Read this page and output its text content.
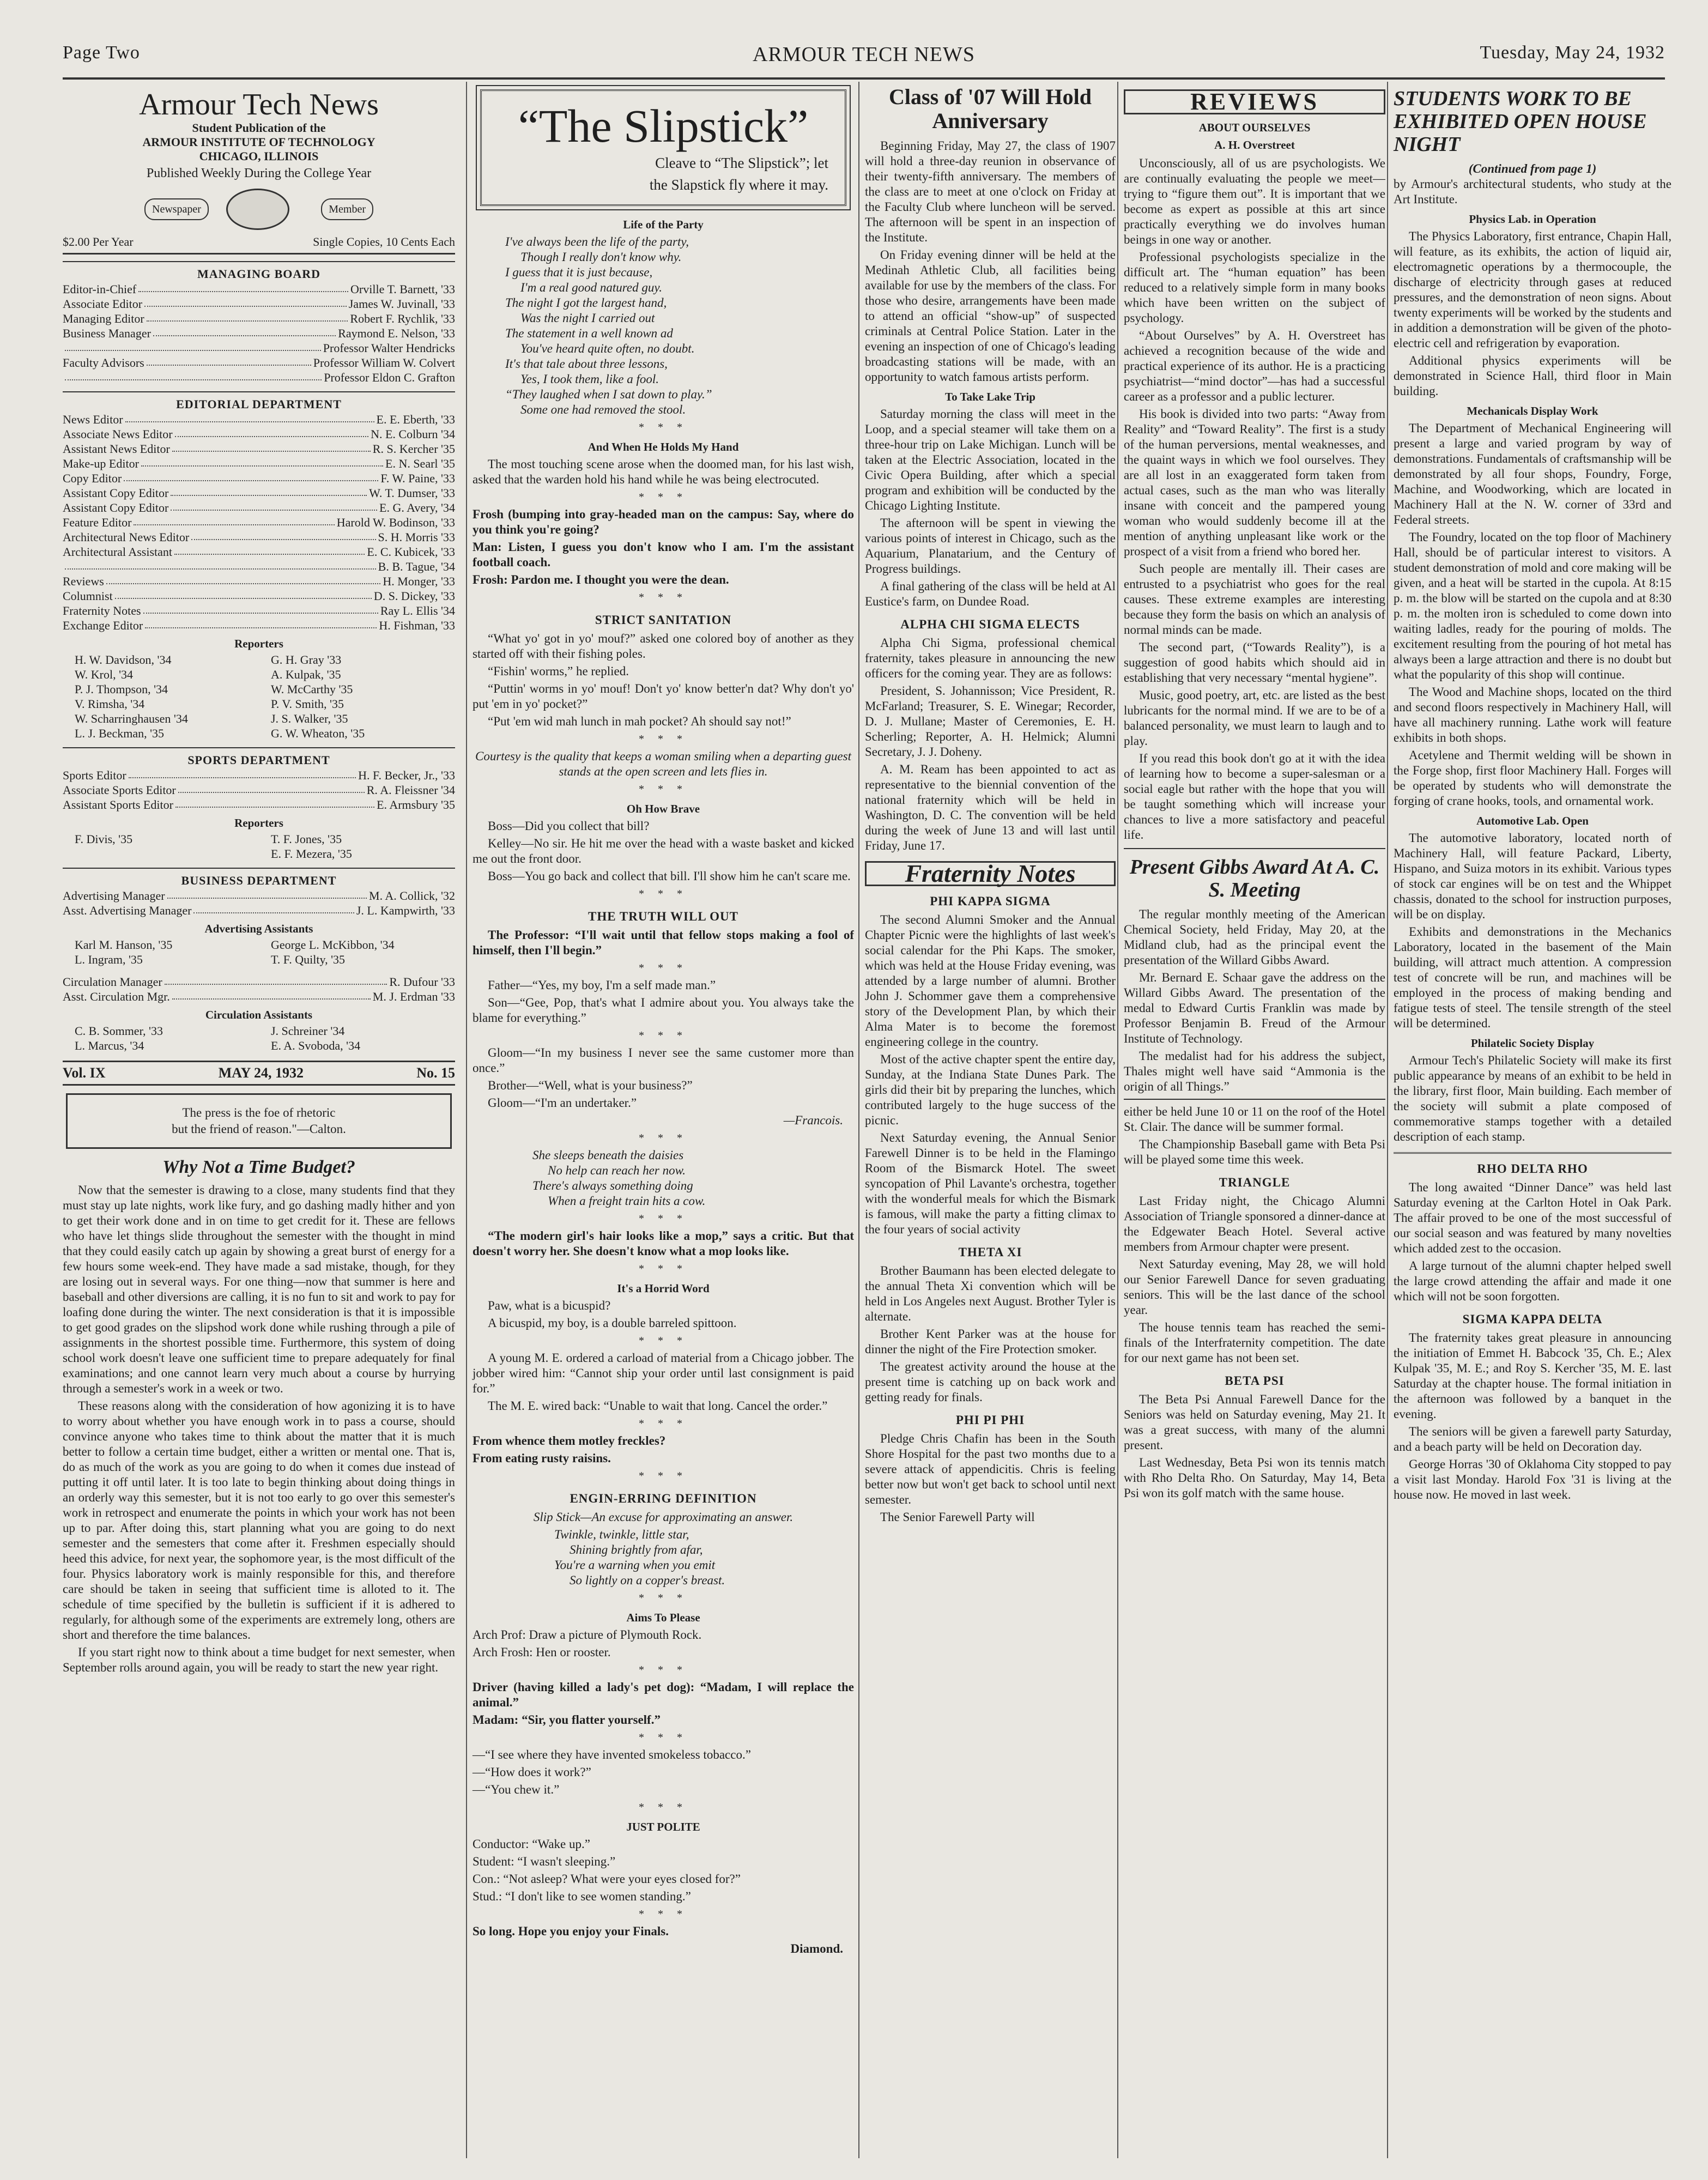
Page Two	ARMOUR TECH NEWS	Tuesday, May 24, 1932
Armour Tech News
Student Publication of the
ARMOUR INSTITUTE OF TECHNOLOGY
CHICAGO, ILLINOIS
Published Weekly During the College Year
Newspaper	Member
$2.00 Per Year	Single Copies, 10 Cents Each
MANAGING BOARD
Editor-in-Chief	Orville T. Barnett, '33
Associate Editor	James W. Juvinall, '33
Managing Editor	Robert F. Rychlik, '33
Business Manager	Raymond E. Nelson, '33
Professor Walter Hendricks
Faculty Advisors	Professor William W. Colvert
Professor Eldon C. Grafton
EDITORIAL DEPARTMENT
News Editor	E. E. Eberth, '33
Associate News Editor	N. E. Colburn '34
Assistant News Editor	R. S. Kercher '35
Make-up Editor	E. N. Searl '35
Copy Editor	F. W. Paine, '33
Assistant Copy Editor	W. T. Dumser, '33
Assistant Copy Editor	E. G. Avery, '34
Feature Editor	Harold W. Bodinson, '33
Architectural News Editor	S. H. Morris '33
Architectural Assistant	E. C. Kubicek, '33
B. B. Tague, '34
Reviews	H. Monger, '33
Columnist	D. S. Dickey, '33
Fraternity Notes	Ray L. Ellis '34
Exchange Editor	H. Fishman, '33
Reporters
H. W. Davidson, '34	G. H. Gray '33
W. Krol, '34	A. Kulpak, '35
P. J. Thompson, '34	W. McCarthy '35
V. Rimsha, '34	P. V. Smith, '35
W. Scharringhausen '34	J. S. Walker, '35
L. J. Beckman, '35	G. W. Wheaton, '35
SPORTS DEPARTMENT
Sports Editor	H. F. Becker, Jr., '33
Associate Sports Editor	R. A. Fleissner '34
Assistant Sports Editor	E. Armsbury '35
Reporters
F. Divis, '35	T. F. Jones, '35
E. F. Mezera, '35
BUSINESS DEPARTMENT
Advertising Manager	M. A. Collick, '32
Asst. Advertising Manager	J. L. Kampwirth, '33
Advertising Assistants
Karl M. Hanson, '35	George L. McKibbon, '34
L. Ingram, '35	T. F. Quilty, '35
Circulation Manager	R. Dufour '33
Asst. Circulation Mgr.	M. J. Erdman '33
Circulation Assistants
C. B. Sommer, '33	J. Schreiner '34
L. Marcus, '34	E. A. Svoboda, '34
Vol. IX	MAY 24, 1932	No. 15
The press is the foe of rhetoric
but the friend of reason."—Calton.
Why Not a Time Budget?

Now that the semester is drawing to a close, many students find that they must stay up late nights, work like fury, and go dashing madly hither and yon to get their work done and in on time to get credit for it. These are fellows who have let things slide throughout the semester with the thought in mind that they could easily catch up again by showing a great burst of energy for a few hours some week-end. They have made a sad mistake, though, for they are losing out in several ways. For one thing—now that summer is here and baseball and other diversions are calling, it is no fun to sit and work to pay for loafing done during the winter. The next consideration is that it is impossible to get good grades on the slipshod work done while rushing through a pile of assignments in the shortest possible time. Furthermore, this system of doing school work doesn't leave one sufficient time to prepare adequately for final examinations; and one cannot learn very much about a course by hurrying through a semester's work in a week or two.

These reasons along with the consideration of how agonizing it is to have to worry about whether you have enough work in to pass a course, should convince anyone who takes time to think about the matter that it is much better to follow a certain time budget, either a written or mental one. That is, do as much of the work as you are going to do when it comes due instead of putting it off until later. It is too late to begin thinking about doing things in an orderly way this semester, but it is not too early to go over this semester's work in retrospect and enumerate the points in which your work has not been up to par. After doing this, start planning what you are going to do next semester and the semesters that come after it. Freshmen especially should heed this advice, for next year, the sophomore year, is the most difficult of the four. Physics laboratory work is mainly responsible for this, and therefore care should be taken in seeing that sufficient time is alloted to it. The schedule of time specified by the bulletin is sufficient if it is adhered to regularly, for although some of the experiments are extremely long, others are short and therefore the time balances.

If you start right now to think about a time budget for next semester, when September rolls around again, you will be ready to start the new year right.

“The Slipstick”
Cleave to “The Slipstick”; let
the Slapstick fly where it may.
Life of the Party
I've always been the life of the party,
Though I really don't know why.
I guess that it is just because,
I'm a real good natured guy.
The night I got the largest hand,
Was the night I carried out
The statement in a well known ad
You've heard quite often, no doubt.
It's that tale about three lessons,
Yes, I took them, like a fool.
“They laughed when I sat down to play.”
Some one had removed the stool.
* * *
And When He Holds My Hand

The most touching scene arose when the doomed man, for his last wish, asked that the warden hold his hand while he was being electrocuted.

* * *

Frosh (bumping into gray-headed man on the campus: Say, where do you think you're going?

Man: Listen, I guess you don't know who I am. I'm the assistant football coach.

Frosh: Pardon me. I thought you were the dean.

* * *
STRICT SANITATION

“What yo' got in yo' mouf?” asked one colored boy of another as they started off with their fishing poles.

“Fishin' worms,” he replied.

“Puttin' worms in yo' mouf! Don't yo' know better'n dat? Why don't yo' put 'em in yo' pocket?”

“Put 'em wid mah lunch in mah pocket? Ah should say not!”

* * *

Courtesy is the quality that keeps a woman smiling when a departing guest stands at the open screen and lets flies in.

* * *
Oh How Brave

Boss—Did you collect that bill?

Kelley—No sir. He hit me over the head with a waste basket and kicked me out the front door.

Boss—You go back and collect that bill. I'll show him he can't scare me.

* * *
THE TRUTH WILL OUT

The Professor: “I'll wait until that fellow stops making a fool of himself, then I'll begin.”

* * *

Father—“Yes, my boy, I'm a self made man.”

Son—“Gee, Pop, that's what I admire about you. You always take the blame for everything.”

* * *

Gloom—“In my business I never see the same customer more than once.”

Brother—“Well, what is your business?”

Gloom—“I'm an undertaker.”

—Francois.
* * *
She sleeps beneath the daisies
No help can reach her now.
There's always something doing
When a freight train hits a cow.
* * *

“The modern girl's hair looks like a mop,” says a critic. But that doesn't worry her. She doesn't know what a mop looks like.

* * *
It's a Horrid Word

Paw, what is a bicuspid?

A bicuspid, my boy, is a double barreled spittoon.

* * *

A young M. E. ordered a carload of material from a Chicago jobber. The jobber wired him: “Cannot ship your order until last consignment is paid for.”

The M. E. wired back: “Unable to wait that long. Cancel the order.”

* * *

From whence them motley freckles?

From eating rusty raisins.

* * *
ENGIN-ERRING DEFINITION

Slip Stick—An excuse for approximating an answer.

Twinkle, twinkle, little star,
Shining brightly from afar,
You're a warning when you emit
So lightly on a copper's breast.
* * *
Aims To Please

Arch Prof: Draw a picture of Plymouth Rock.

Arch Frosh: Hen or rooster.

* * *

Driver (having killed a lady's pet dog): “Madam, I will replace the animal.”

Madam: “Sir, you flatter yourself.”

* * *

—“I see where they have invented smokeless tobacco.”

—“How does it work?”

—“You chew it.”

* * *
JUST POLITE

Conductor: “Wake up.”

Student: “I wasn't sleeping.”

Con.: “Not asleep? What were your eyes closed for?”

Stud.: “I don't like to see women standing.”

* * *

So long. Hope you enjoy your Finals.

Diamond.
Class of '07 Will Hold Anniversary

Beginning Friday, May 27, the class of 1907 will hold a three-day reunion in observance of their twenty-fifth anniversary. The members of the class are to meet at one o'clock on Friday at the Faculty Club where luncheon will be served. The afternoon will be spent in an inspection of the Institute.

On Friday evening dinner will be held at the Medinah Athletic Club, all facilities being available for use by the members of the class. For those who desire, arrangements have been made to attend an official “show-up” of suspected criminals at Central Police Station. Later in the evening an inspection of one of Chicago's leading broadcasting stations will be made, with an opportunity to watch famous artists perform.

To Take Lake Trip

Saturday morning the class will meet in the Loop, and a special steamer will take them on a three-hour trip on Lake Michigan. Lunch will be taken at the Electric Association, located in the Civic Opera Building, after which a special program and exhibition will be conducted by the Chicago Lighting Institute.

The afternoon will be spent in viewing the various points of interest in Chicago, such as the Aquarium, Planatarium, and the Century of Progress buildings.

A final gathering of the class will be held at Al Eustice's farm, on Dundee Road.

ALPHA CHI SIGMA ELECTS

Alpha Chi Sigma, professional chemical fraternity, takes pleasure in announcing the new officers for the coming year. They are as follows:

President, S. Johannisson; Vice President, R. McFarland; Treasurer, S. E. Winegar; Recorder, D. J. Mullane; Master of Ceremonies, E. H. Scherling; Reporter, A. H. Helmick; Alumni Secretary, J. J. Doheny.

A. M. Ream has been appointed to act as representative to the biennial convention of the national fraternity which will be held in Washington, D. C. The convention will be held during the week of June 13 and will last until Friday, June 17.

Fraternity Notes
PHI KAPPA SIGMA

The second Alumni Smoker and the Annual Chapter Picnic were the highlights of last week's social calendar for the Phi Kaps. The smoker, which was held at the House Friday evening, was attended by a large number of alumni. Brother John J. Schommer gave them a comprehensive story of the Development Plan, by which their Alma Mater is to become the foremost engineering college in the country.

Most of the active chapter spent the entire day, Sunday, at the Indiana State Dunes Park. The girls did their bit by preparing the lunches, which contributed largely to the huge success of the picnic.

Next Saturday evening, the Annual Senior Farewell Dinner is to be held in the Flamingo Room of the Bismarck Hotel. The sweet syncopation of Phil Lavante's orchestra, together with the wonderful meals for which the Bismark is famous, will make the party a fitting climax to the four years of social activity

THETA XI

Brother Baumann has been elected delegate to the annual Theta Xi convention which will be held in Los Angeles next August. Brother Tyler is alternate.

Brother Kent Parker was at the house for dinner the night of the Fire Protection smoker.

The greatest activity around the house at the present time is catching up on back work and getting ready for finals.

PHI PI PHI

Pledge Chris Chafin has been in the South Shore Hospital for the past two months due to a severe attack of appendicitis. Chris is feeling better now but won't get back to school until next semester.

The Senior Farewell Party will

REVIEWS
ABOUT OURSELVES
A. H. Overstreet

Unconsciously, all of us are psychologists. We are continually evaluating the people we meet—trying to “figure them out”. It is important that we become as expert as possible at this art since practically everything we do involves human beings in one way or another.

Professional psychologists specialize in the difficult art. The “human equation” has been reduced to a relatively simple form in many books which have been written on the subject of psychology.

“About Ourselves” by A. H. Overstreet has achieved a recognition because of the wide and practical experience of its author. He is a practicing psychiatrist—“mind doctor”—has had a successful career as a professor and a public lecturer.

His book is divided into two parts: “Away from Reality” and “Toward Reality”. The first is a study of the human perversions, mental weaknesses, and the quaint ways in which we fool ourselves. They are all lost in an exaggerated form taken from actual cases, such as the man who was literally insane with conceit and the pampered young woman who would suddenly become ill at the mention of anything unpleasant like work or the prospect of a visit from a friend who bored her.

Such people are mentally ill. Their cases are entrusted to a psychiatrist who goes for the real causes. These extreme examples are interesting because they form the basis on which an analysis of normal minds can be made.

The second part, (“Towards Reality”), is a suggestion of good habits which should aid in establishing that very necessary “mental hygiene”.

Music, good poetry, art, etc. are listed as the best lubricants for the normal mind. If we are to be of a balanced personality, we must learn to laugh and to play.

If you read this book don't go at it with the idea of learning how to become a super-salesman or a social eagle but rather with the hope that you will be taught something which will increase your chances to live a more satisfactory and peaceful life.

Present Gibbs Award At A. C. S. Meeting

The regular monthly meeting of the American Chemical Society, held Friday, May 20, at the Midland club, had as the principal event the presentation of the Willard Gibbs Award.

Mr. Bernard E. Schaar gave the address on the Willard Gibbs Award. The presentation of the medal to Edward Curtis Franklin was made by Professor Benjamin B. Freud of the Armour Institute of Technology.

The medalist had for his address the subject, Thales might well have said “Ammonia is the origin of all Things.”

either be held June 10 or 11 on the roof of the Hotel St. Clair. The dance will be summer formal.

The Championship Baseball game with Beta Psi will be played some time this week.

TRIANGLE

Last Friday night, the Chicago Alumni Association of Triangle sponsored a dinner-dance at the Edgewater Beach Hotel. Several active members from Armour chapter were present.

Next Saturday evening, May 28, we will hold our Senior Farewell Dance for seven graduating seniors. This will be the last dance of the school year.

The house tennis team has reached the semi-finals of the Interfraternity competition. The date for our next game has not been set.

BETA PSI

The Beta Psi Annual Farewell Dance for the Seniors was held on Saturday evening, May 21. It was a great success, with many of the alumni present.

Last Wednesday, Beta Psi won its tennis match with Rho Delta Rho. On Saturday, May 14, Beta Psi won its golf match with the same house.

STUDENTS WORK TO BE EXHIBITED OPEN HOUSE NIGHT
(Continued from page 1)

by Armour's architectural students, who study at the Art Institute.

Physics Lab. in Operation

The Physics Laboratory, first entrance, Chapin Hall, will feature, as its exhibits, the action of liquid air, electromagnetic operations by a thermocouple, the discharge of electricity through gases at reduced pressures, and the demonstration of neon signs. About twenty experiments will be worked by the students and in addition a demonstration will be given of the photo-electric cell and refrigeration by evaporation.

Additional physics experiments will be demonstrated in Science Hall, third floor in Main building.

Mechanicals Display Work

The Department of Mechanical Engineering will present a large and varied program by way of demonstrations. Fundamentals of craftsmanship will be demonstrated by all four shops, Foundry, Forge, Machine, and Woodworking, which are located in Machinery Hall at the N. W. corner of 33rd and Federal streets.

The Foundry, located on the top floor of Machinery Hall, should be of particular interest to visitors. A student demonstration of mold and core making will be given, and a heat will be started in the cupola. At 8:15 p. m. the blow will be started on the cupola and at 8:30 p. m. the molten iron is scheduled to come down into waiting ladles, ready for the pouring of molds. The excitement resulting from the pouring of hot metal has always been a large attraction and there is no doubt but what the popularity of this shop will continue.

The Wood and Machine shops, located on the third and second floors respectively in Machinery Hall, will have all machinery running. Lathe work will feature exhibits in both shops.

Acetylene and Thermit welding will be shown in the Forge shop, first floor Machinery Hall. Forges will be operated by students who will demonstrate the forging of crane hooks, tools, and ornamental work.

Automotive Lab. Open

The automotive laboratory, located north of Machinery Hall, will feature Packard, Liberty, Hispano, and Suiza motors in its exhibit. Various types of stock car engines will be on test and the Whippet chassis, donated to the school for instruction purposes, will be on display.

Exhibits and demonstrations in the Mechanics Laboratory, located in the basement of the Main building, will attract much attention. A compression test of concrete will be run, and machines will be employed in the process of making bending and fatigue tests of steel. The tensile strength of the steel will be determined.

Philatelic Society Display

Armour Tech's Philatelic Society will make its first public appearance by means of an exhibit to be held in the library, first floor, Main building. Each member of the society will submit a plate composed of commemorative stamps together with a detailed description of each stamp.

RHO DELTA RHO

The long awaited “Dinner Dance” was held last Saturday evening at the Carlton Hotel in Oak Park. The affair proved to be one of the most successful of our social season and was featured by many novelties which added zest to the occasion.

A large turnout of the alumni chapter helped swell the large crowd attending the affair and made it one which will not be soon forgotten.

SIGMA KAPPA DELTA

The fraternity takes great pleasure in announcing the initiation of Emmet H. Babcock '35, Ch. E.; Alex Kulpak '35, M. E.; and Roy S. Kercher '35, M. E. last Saturday at the chapter house. The formal initiation in the afternoon was followed by a banquet in the evening.

The seniors will be given a farewell party Saturday, and a beach party will be held on Decoration day.

George Horras '30 of Oklahoma City stopped to pay a visit last Monday. Harold Fox '31 is living at the house now. He moved in last week.
